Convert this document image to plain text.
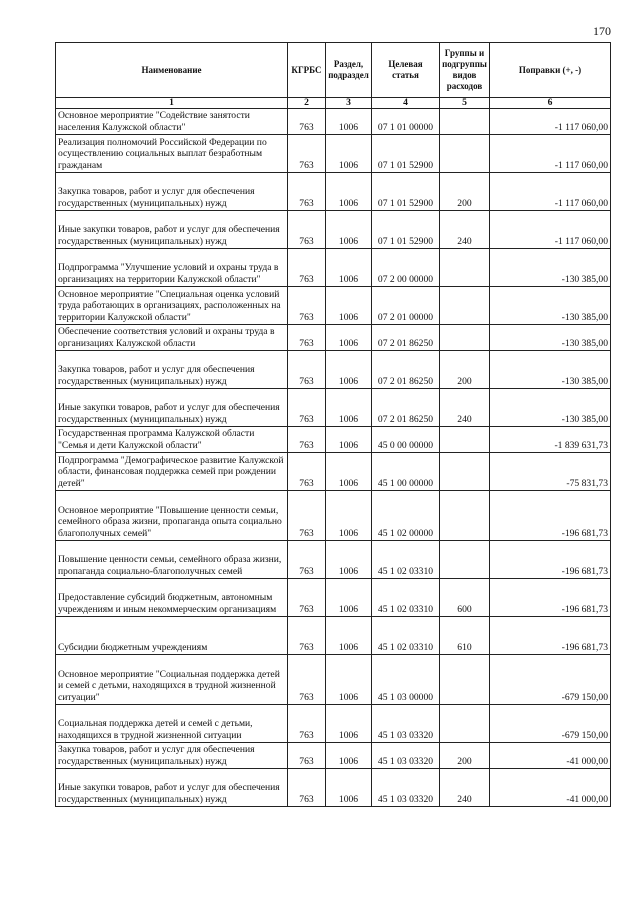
170
Наименование	КГРБС	Раздел, подраздел	Целевая статья	Группы и подгруппы видов расходов	Поправки (+, -)
1	2	3	4	5	6
Основное мероприятие "Содействие занятости населения Калужской области"	763	1006	07 1 01 00000		-1 117 060,00
Реализация полномочий Российской Федерации по осуществлению социальных выплат безработным гражданам	763	1006	07 1 01 52900		-1 117 060,00
Закупка товаров, работ и услуг для обеспечения государственных (муниципальных) нужд	763	1006	07 1 01 52900	200	-1 117 060,00
Иные закупки товаров, работ и услуг для обеспечения государственных (муниципальных) нужд	763	1006	07 1 01 52900	240	-1 117 060,00
Подпрограмма "Улучшение условий и охраны труда в организациях на территории Калужской области"	763	1006	07 2 00 00000		-130 385,00
Основное мероприятие "Специальная оценка условий труда работающих в организациях, расположенных на территории Калужской области"	763	1006	07 2 01 00000		-130 385,00
Обеспечение соответствия условий и охраны труда в организациях Калужской области	763	1006	07 2 01 86250		-130 385,00
Закупка товаров, работ и услуг для обеспечения государственных (муниципальных) нужд	763	1006	07 2 01 86250	200	-130 385,00
Иные закупки товаров, работ и услуг для обеспечения государственных (муниципальных) нужд	763	1006	07 2 01 86250	240	-130 385,00
Государственная программа Калужской области "Семья и дети Калужской области"	763	1006	45 0 00 00000		-1 839 631,73
Подпрограмма "Демографическое развитие Калужской области, финансовая поддержка семей при рождении детей"	763	1006	45 1 00 00000		-75 831,73
Основное мероприятие "Повышение ценности семьи, семейного образа жизни, пропаганда опыта социально благополучных семей"	763	1006	45 1 02 00000		-196 681,73
Повышение ценности семьи, семейного образа жизни, пропаганда социально-благополучных семей	763	1006	45 1 02 03310		-196 681,73
Предоставление субсидий бюджетным, автономным учреждениям и иным некоммерческим организациям	763	1006	45 1 02 03310	600	-196 681,73
Субсидии бюджетным учреждениям	763	1006	45 1 02 03310	610	-196 681,73
Основное мероприятие "Социальная поддержка детей и семей с детьми, находящихся в трудной жизненной ситуации"	763	1006	45 1 03 00000		-679 150,00
Социальная поддержка детей и семей с детьми, находящихся в трудной жизненной ситуации	763	1006	45 1 03 03320		-679 150,00
Закупка товаров, работ и услуг для обеспечения государственных (муниципальных) нужд	763	1006	45 1 03 03320	200	-41 000,00
Иные закупки товаров, работ и услуг для обеспечения государственных (муниципальных) нужд	763	1006	45 1 03 03320	240	-41 000,00
